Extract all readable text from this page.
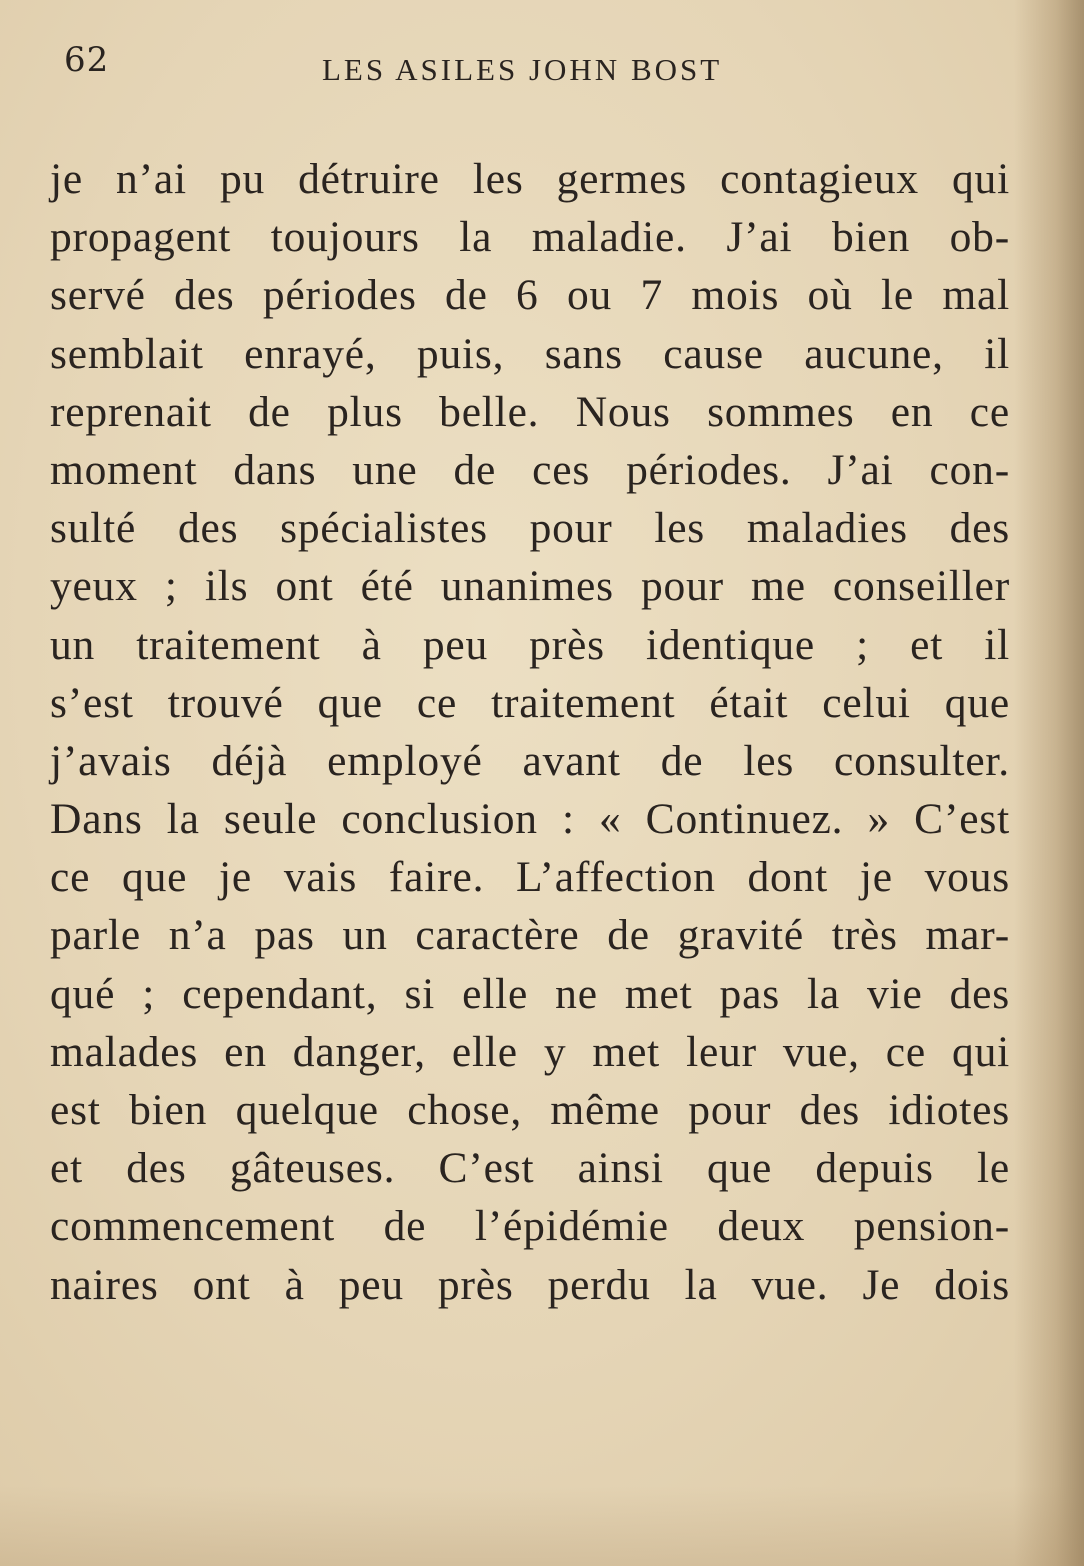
62	LES ASILES JOHN BOST
je n’ai pu détruire les germes contagieux qui
propagent toujours la maladie. J’ai bien ob-
servé des périodes de 6 ou 7 mois où le mal
semblait enrayé, puis, sans cause aucune, il
reprenait de plus belle. Nous sommes en ce
moment dans une de ces périodes. J’ai con-
sulté des spécialistes pour les maladies des
yeux ; ils ont été unanimes pour me conseiller
un traitement à peu près identique ; et il
s’est trouvé que ce traitement était celui que
j’avais déjà employé avant de les consulter.
Dans la seule conclusion : « Continuez. » C’est
ce que je vais faire. L’affection dont je vous
parle n’a pas un caractère de gravité très mar-
qué ; cependant, si elle ne met pas la vie des
malades en danger, elle y met leur vue, ce qui
est bien quelque chose, même pour des idiotes
et des gâteuses. C’est ainsi que depuis le
commencement de l’épidémie deux pension-
naires ont à peu près perdu la vue. Je dois
